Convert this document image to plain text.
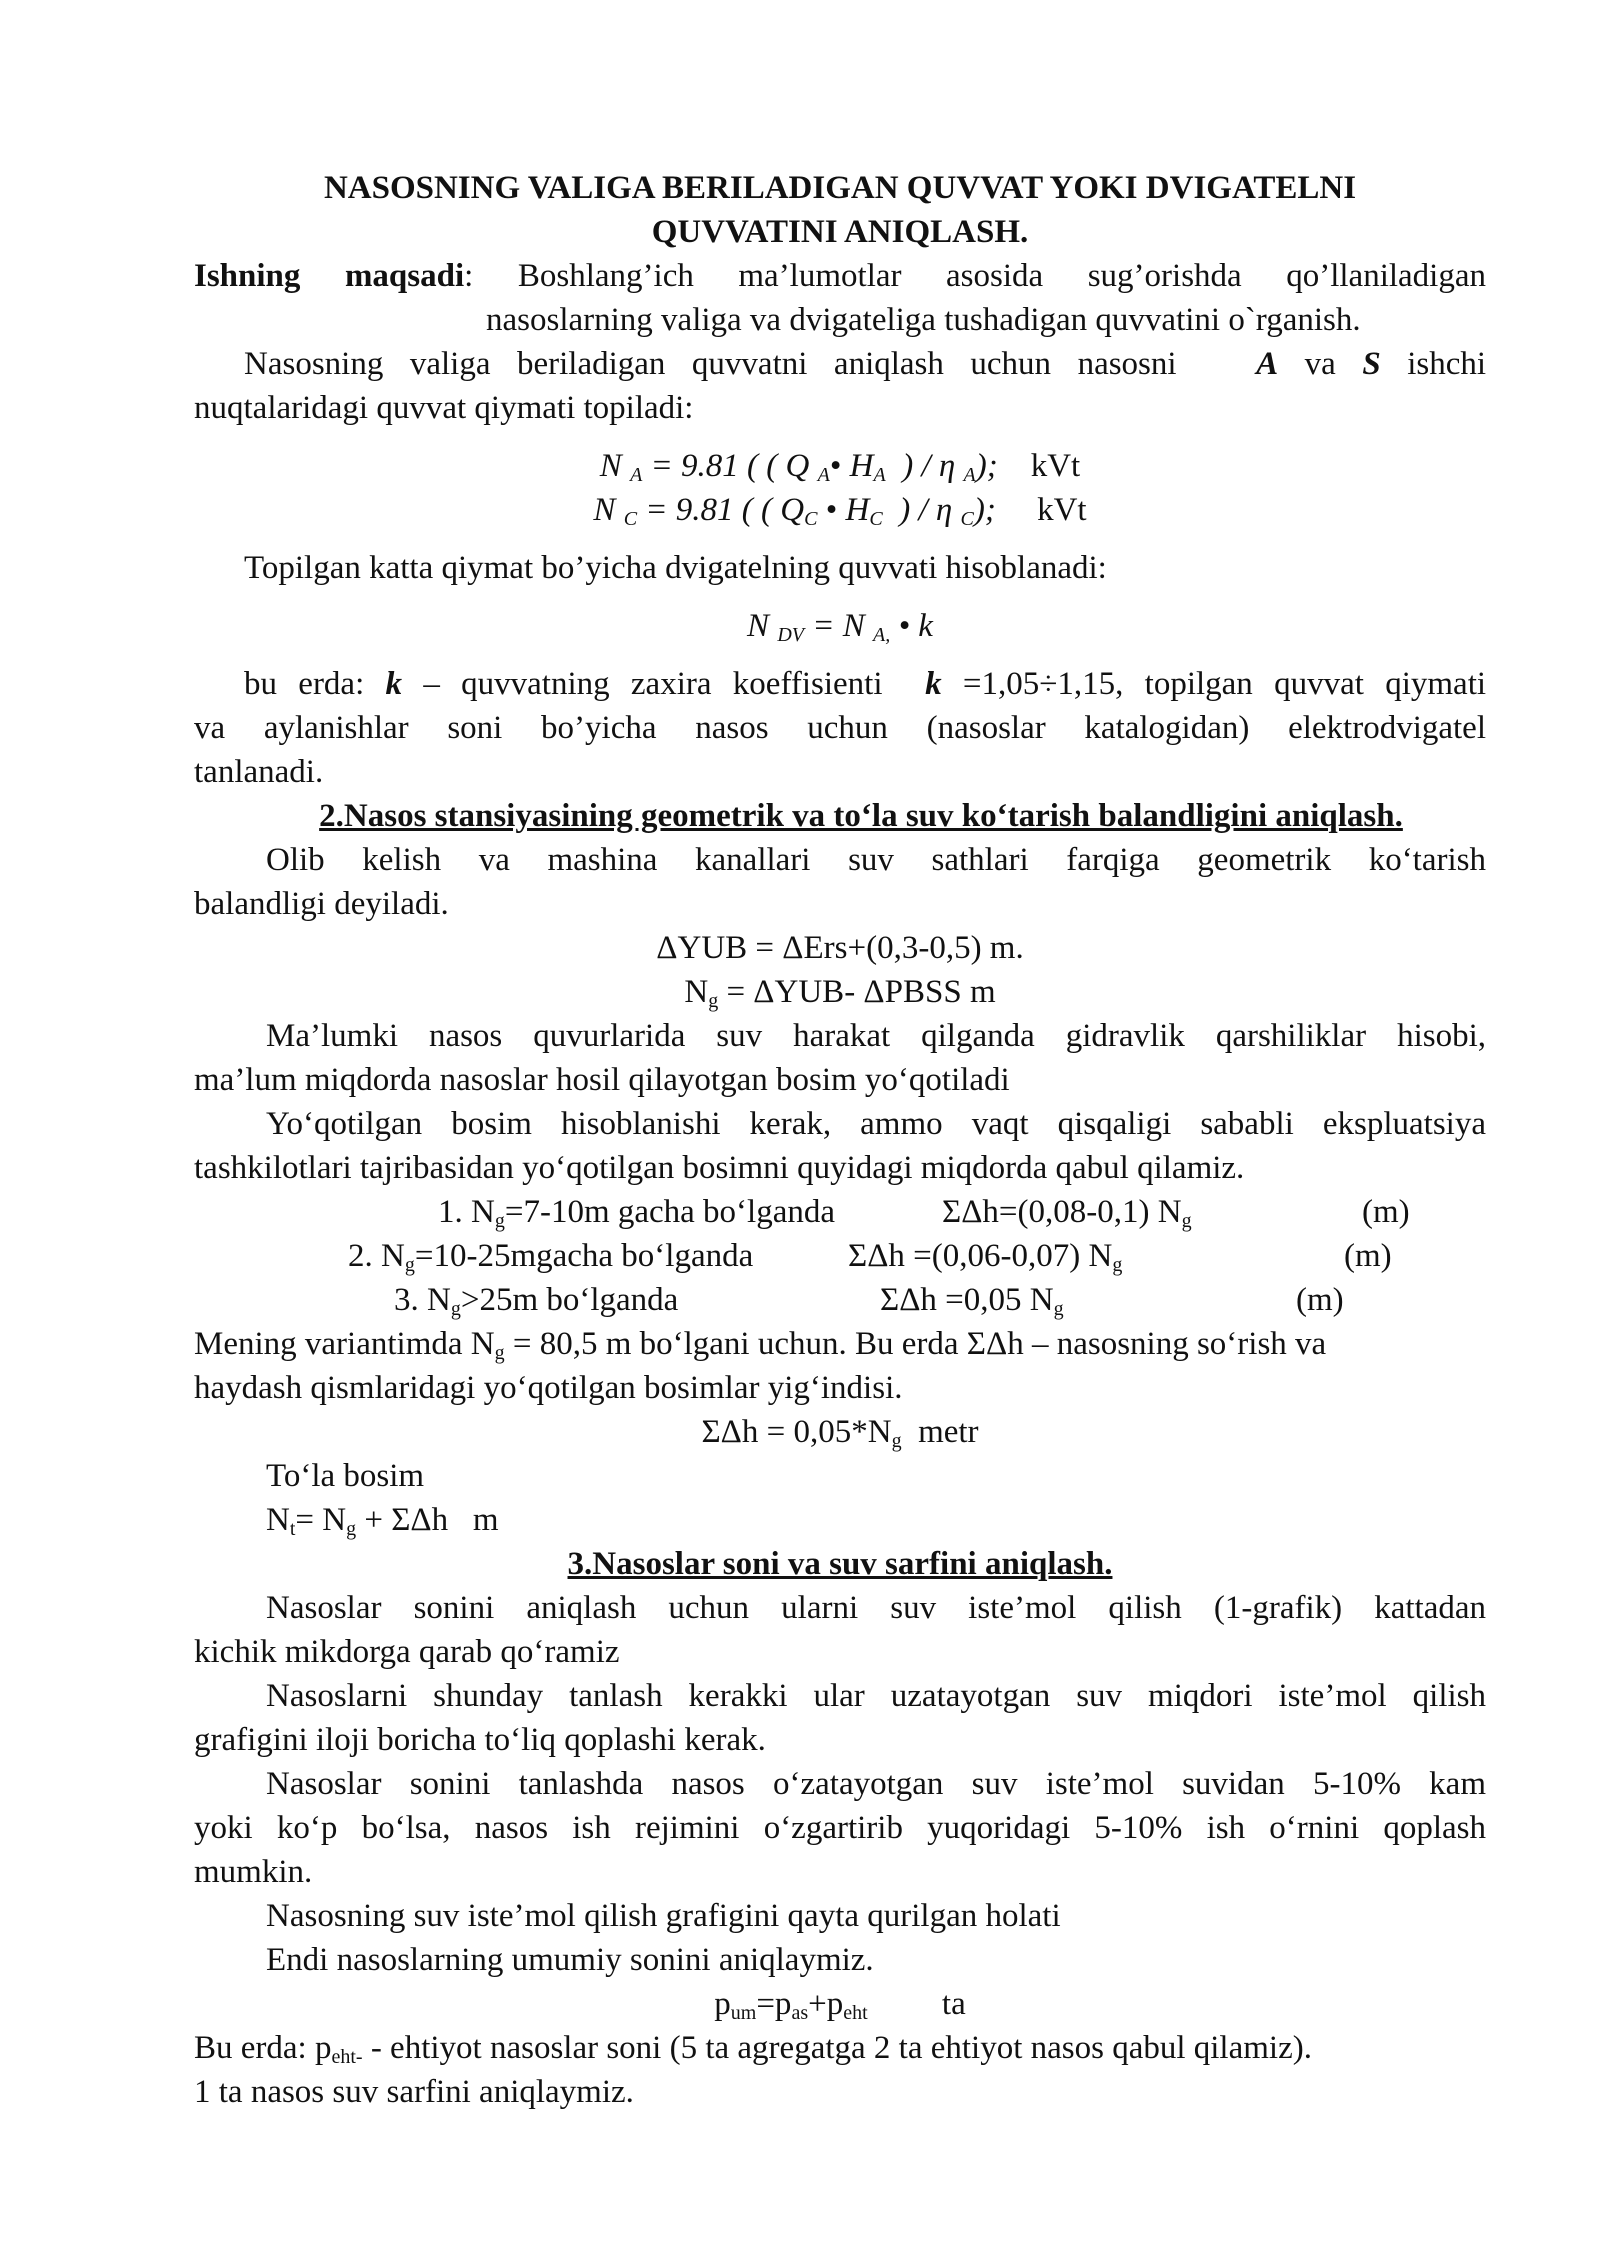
NASOSNING VALIGA BERILADIGAN QUVVAT YOKI DVIGATELNI

QUVVATINI ANIQLASH.

Ishning maqsadi: Boshlang’ich ma’lumotlar asosida sug’orishda qo’llaniladigan

nasoslarning valiga va dvigateliga tushadigan quvvatini o`rganish.

Nasosning valiga beriladigan quvvatni aniqlash uchun nasosni A va S ishchi

nuqtalaridagi quvvat qiymati topiladi:

N $_A$ = 9.81 ( ( Q $_A$• $H_A$ ) / η $_A$); kVt

N $_C$ = 9.81 ( ( $Q_C$ • $H_C$ ) / η $_C$); kVt

Topilgan katta qiymat bo’yicha dvigatelning quvvati hisoblanadi:

N $_{DV}$ = N $_{A,}$ • k

bu erda: k – quvvatning zaxira koeffisienti k =1,05÷1,15, topilgan quvvat qiymati

va aylanishlar soni bo’yicha nasos uchun (nasoslar katalogidan) elektrodvigatel

tanlanadi.

2.Nasos stansiyasining geometrik va to‘la suv ko‘tarish balandligini aniqlash.

Olib kelish va mashina kanallari suv sathlari farqiga geometrik ko‘tarish

balandligi deyiladi.

ΔYUB = ΔErs+(0,3-0,5) m.

$N_g = \Delta YUB-$ ΔPBSS m

Ma’lumki nasos quvurlarida suv harakat qilganda gidravlik qarshiliklar hisobi,

ma’lum miqdorda nasoslar hosil qilayotgan bosim yo‘qotiladi

Yo‘qotilgan bosim hisoblanishi kerak, ammo vaqt qisqaligi sababli ekspluatsiya

tashkilotlari tajribasidan yo‘qotilgan bosimni quyidagi miqdorda qabul qilamiz.

1. $N_g=7-10m$ gacha bo‘lganda	ΣΔh=(0,08-0,1) $N_g$	(m)
2. $N_g=10-25mgacha$ bo‘lganda	ΣΔh =(0,06-0,07) $N_g$	(m)
3. $N_g>25m$ bo‘lganda	ΣΔh =0,05 $N_g$	(m)

Mening variantimda $N_g = 80,5$ m bo‘lgani uchun. Bu erda ΣΔh – nasosning so‘rish va

haydash qismlaridagi yo‘qotilgan bosimlar yig‘indisi.

$\Sigma\Delta h = 0,05*N_g$  metr

To‘la bosim

$N_t= N_g + \Sigma\Delta h$   m

3.Nasoslar soni va suv sarfini aniqlash.

Nasoslar sonini aniqlash uchun ularni suv iste’mol qilish (1-grafik) kattadan

kichik mikdorga qarab qo‘ramiz

Nasoslarni shunday tanlash kerakki ular uzatayotgan suv miqdori iste’mol qilish

grafigini iloji boricha to‘liq qoplashi kerak.

Nasoslar sonini tanlashda nasos o‘zatayotgan suv iste’mol suvidan 5-10% kam

yoki ko‘p bo‘lsa, nasos ish rejimini o‘zgartirib yuqoridagi 5-10% ish o‘rnini qoplash

mumkin.

Nasosning suv iste’mol qilish grafigini qayta qurilgan holati

Endi nasoslarning umumiy sonini aniqlaymiz.

$p_{um}=p_{as}+p_{eht}$ ta

Bu erda: $p_{eht-}$ - ehtiyot nasoslar soni (5 ta agregatga 2 ta ehtiyot nasos qabul qilamiz).

1 ta nasos suv sarfini aniqlaymiz.
